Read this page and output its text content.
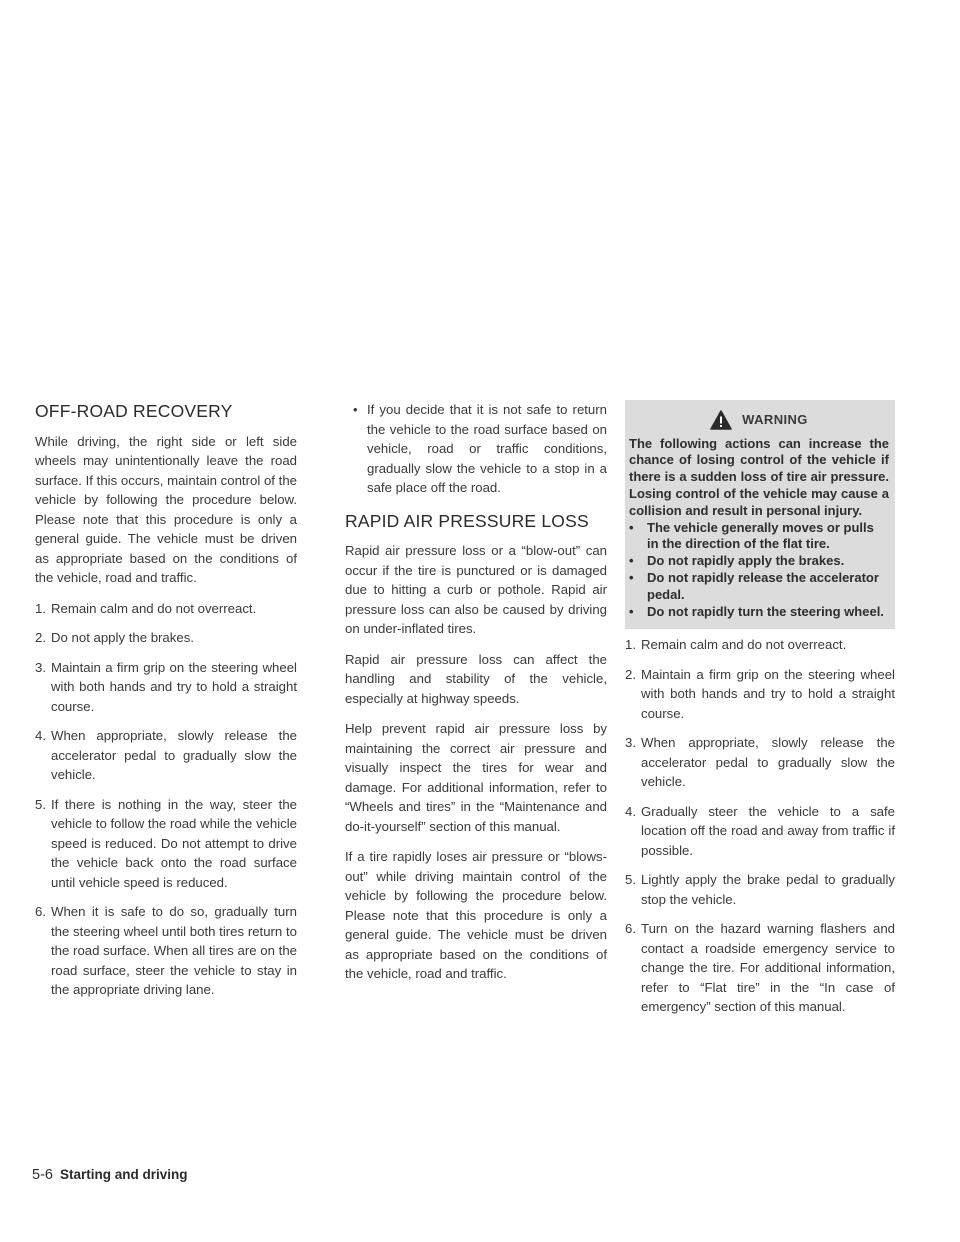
OFF-ROAD RECOVERY

While driving, the right side or left side wheels may unintentionally leave the road surface. If this occurs, maintain control of the vehicle by following the procedure below. Please note that this procedure is only a general guide. The vehicle must be driven as appropriate based on the conditions of the vehicle, road and traffic.

1. Remain calm and do not overreact.
2. Do not apply the brakes.
3. Maintain a firm grip on the steering wheel with both hands and try to hold a straight course.
4. When appropriate, slowly release the accelerator pedal to gradually slow the vehicle.
5. If there is nothing in the way, steer the vehicle to follow the road while the vehicle speed is reduced. Do not attempt to drive the vehicle back onto the road surface until vehicle speed is reduced.
6. When it is safe to do so, gradually turn the steering wheel until both tires return to the road surface. When all tires are on the road surface, steer the vehicle to stay in the appropriate driving lane.
• If you decide that it is not safe to return the vehicle to the road surface based on vehicle, road or traffic conditions, gradually slow the vehicle to a stop in a safe place off the road.
RAPID AIR PRESSURE LOSS

Rapid air pressure loss or a “blow-out” can occur if the tire is punctured or is damaged due to hitting a curb or pothole. Rapid air pressure loss can also be caused by driving on under-inflated tires.

Rapid air pressure loss can affect the handling and stability of the vehicle, especially at highway speeds.

Help prevent rapid air pressure loss by maintaining the correct air pressure and visually inspect the tires for wear and damage. For additional information, refer to “Wheels and tires” in the “Maintenance and do-it-yourself” section of this manual.

If a tire rapidly loses air pressure or “blows-out” while driving maintain control of the vehicle by following the procedure below. Please note that this procedure is only a general guide. The vehicle must be driven as appropriate based on the conditions of the vehicle, road and traffic.

WARNING

The following actions can increase the chance of losing control of the vehicle if there is a sudden loss of tire air pressure. Losing control of the vehicle may cause a collision and result in personal injury.

• The vehicle generally moves or pulls in the direction of the flat tire.
• Do not rapidly apply the brakes.
• Do not rapidly release the accelerator pedal.
• Do not rapidly turn the steering wheel.
1. Remain calm and do not overreact.
2. Maintain a firm grip on the steering wheel with both hands and try to hold a straight course.
3. When appropriate, slowly release the accelerator pedal to gradually slow the vehicle.
4. Gradually steer the vehicle to a safe location off the road and away from traffic if possible.
5. Lightly apply the brake pedal to gradually stop the vehicle.
6. Turn on the hazard warning flashers and contact a roadside emergency service to change the tire. For additional information, refer to “Flat tire” in the “In case of emergency” section of this manual.
5-6 Starting and driving
